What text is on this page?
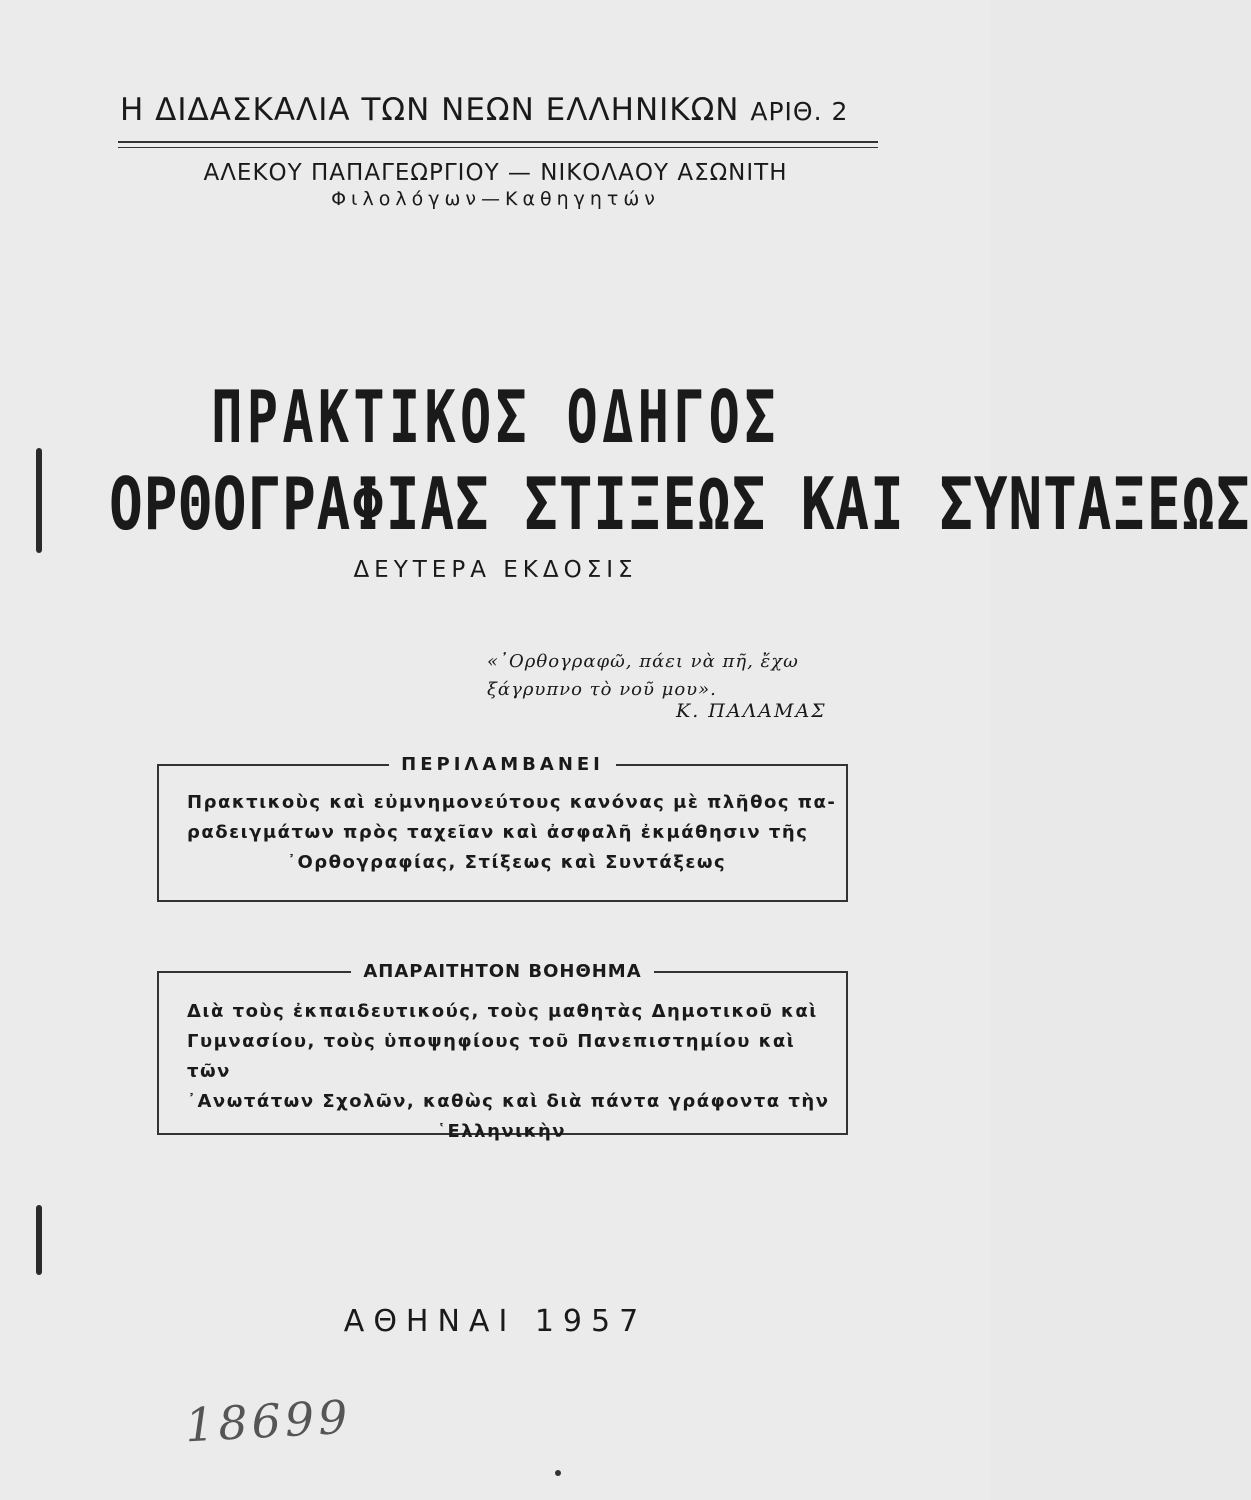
Η ΔΙΔΑΣΚΑΛΙΑ ΤΩΝ ΝΕΩΝ ΕΛΛΗΝΙΚΩΝ ΑΡΙΘ. 2
ΑΛΕΚΟΥ ΠΑΠΑΓΕΩΡΓΙΟΥ — ΝΙΚΟΛΑΟΥ ΑΣΩΝΙΤΗ
Φιλολόγων—Καθηγητών
ΠΡΑΚΤΙΚΟΣ ΟΔΗΓΟΣ
ΟΡΘΟΓΡΑΦΙΑΣ ΣΤΙΞΕΩΣ ΚΑΙ ΣΥΝΤΑΞΕΩΣ
ΔΕΥΤΕΡΑ ΕΚΔΟΣΙΣ
«᾿Ορθογραφῶ, πάει νὰ πῆ, ἔχω
ξάγρυπνο τὸ νοῦ μου».
Κ. ΠΑΛΑΜΑΣ
ΠΕΡΙΛΑΜΒΑΝΕΙ
Πρακτικοὺς καὶ εὐμνημονεύτους κανόνας μὲ πλῆθος πα-
ραδειγμάτων πρὸς ταχεῖαν καὶ ἀσφαλῆ ἐκμάθησιν τῆς
᾿Ορθογραφίας, Στίξεως καὶ Συντάξεως
ΑΠΑΡΑΙΤΗΤΟΝ ΒΟΗΘΗΜΑ
Διὰ τοὺς ἐκπαιδευτικούς, τοὺς μαθητὰς Δημοτικοῦ καὶ
Γυμνασίου, τοὺς ὑποψηφίους τοῦ Πανεπιστημίου καὶ τῶν
᾿Ανωτάτων Σχολῶν, καθὼς καὶ διὰ πάντα γράφοντα τὴν
῾Ελληνικὴν
ΑΘΗΝΑΙ 1957
18699
